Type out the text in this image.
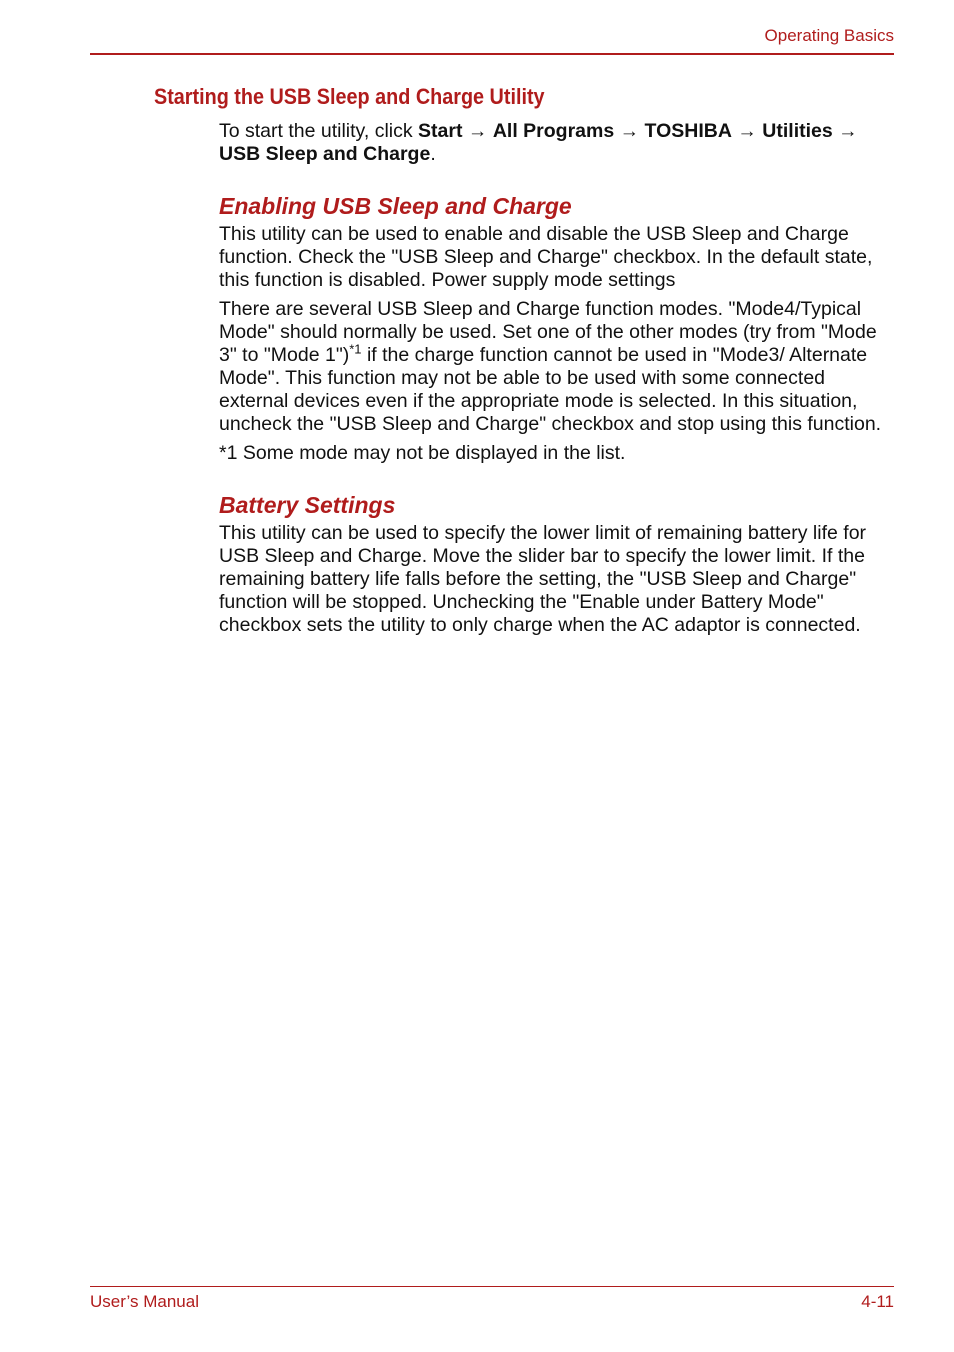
Operating Basics
Starting the USB Sleep and Charge Utility

To start the utility, click Start → All Programs → TOSHIBA → Utilities → USB Sleep and Charge.

Enabling USB Sleep and Charge

This utility can be used to enable and disable the USB Sleep and Charge function. Check the "USB Sleep and Charge" checkbox. In the default state, this function is disabled. Power supply mode settings

There are several USB Sleep and Charge function modes. "Mode4/Typical Mode" should normally be used. Set one of the other modes (try from "Mode 3" to "Mode 1")$^{*1}$ if the charge function cannot be used in "Mode3/ Alternate Mode". This function may not be able to be used with some connected external devices even if the appropriate mode is selected. In this situation, uncheck the "USB Sleep and Charge" checkbox and stop using this function.

*1 Some mode may not be displayed in the list.

Battery Settings

This utility can be used to specify the lower limit of remaining battery life for USB Sleep and Charge. Move the slider bar to specify the lower limit. If the remaining battery life falls before the setting, the "USB Sleep and Charge" function will be stopped. Unchecking the "Enable under Battery Mode" checkbox sets the utility to only charge when the AC adaptor is connected.

User’s Manual	4-11
